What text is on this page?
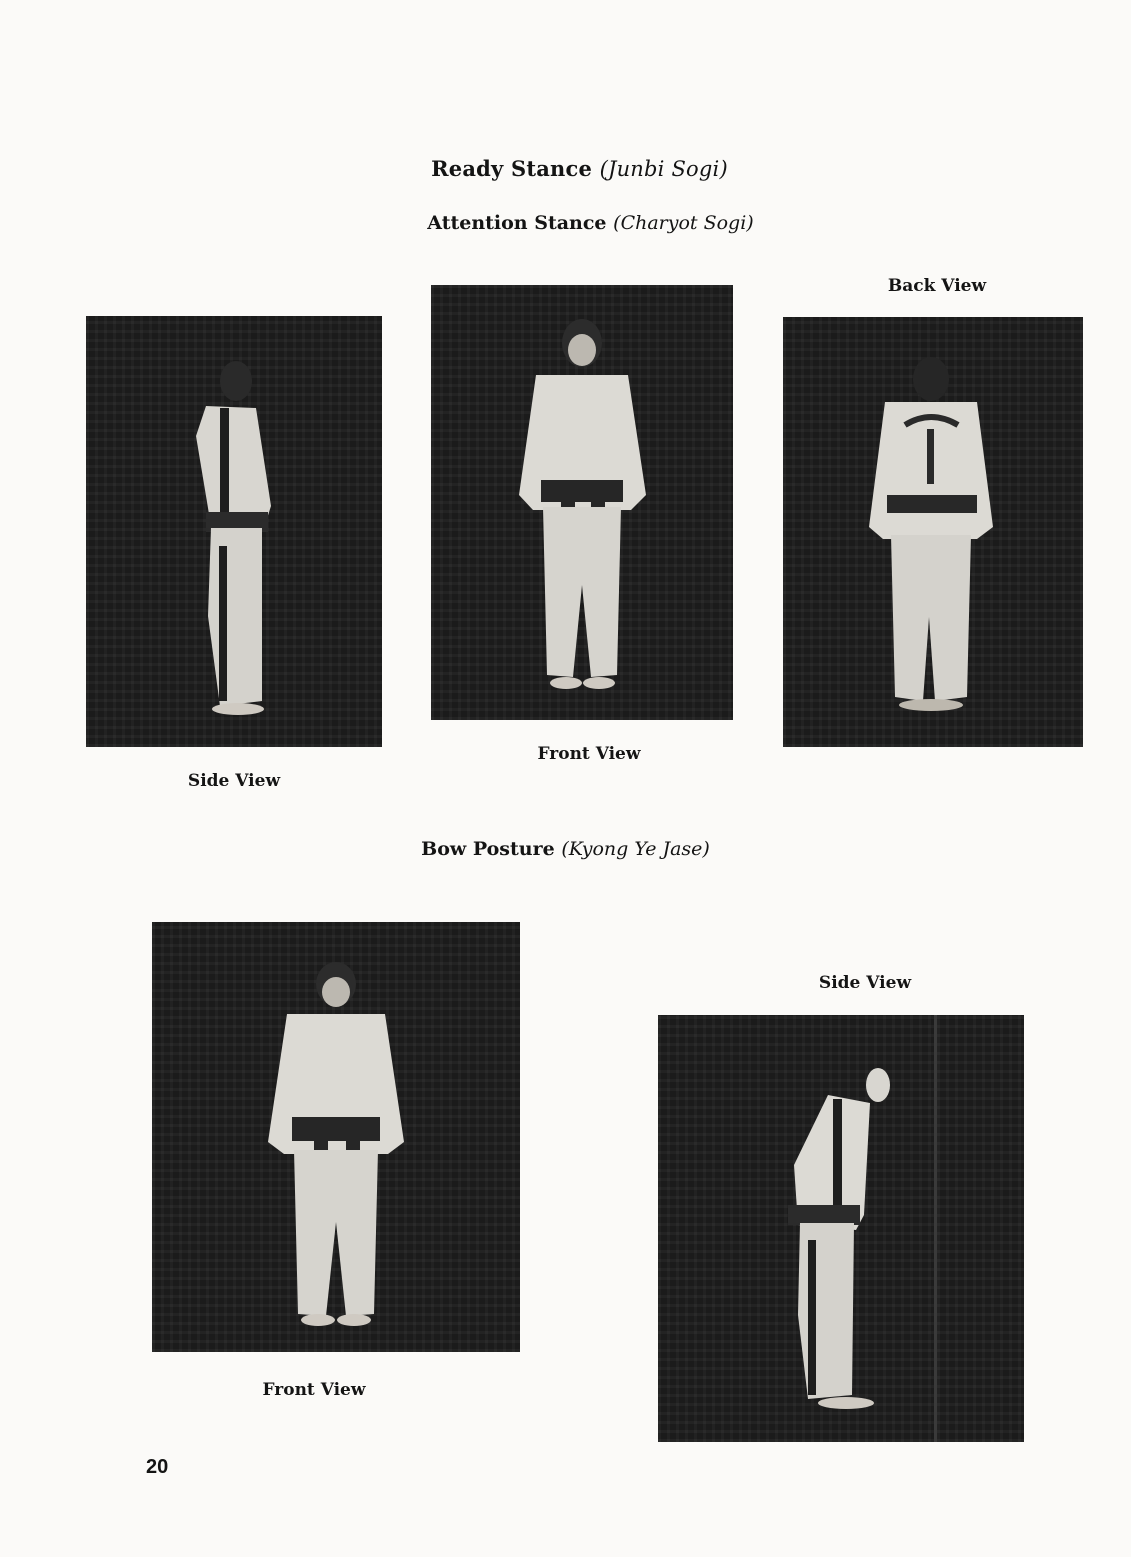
Ready Stance (Junbi Sogi)
Attention Stance (Charyot Sogi)

Side View

Front View

Back View

Bow Posture (Kyong Ye Jase)

Front View

Side View

20
